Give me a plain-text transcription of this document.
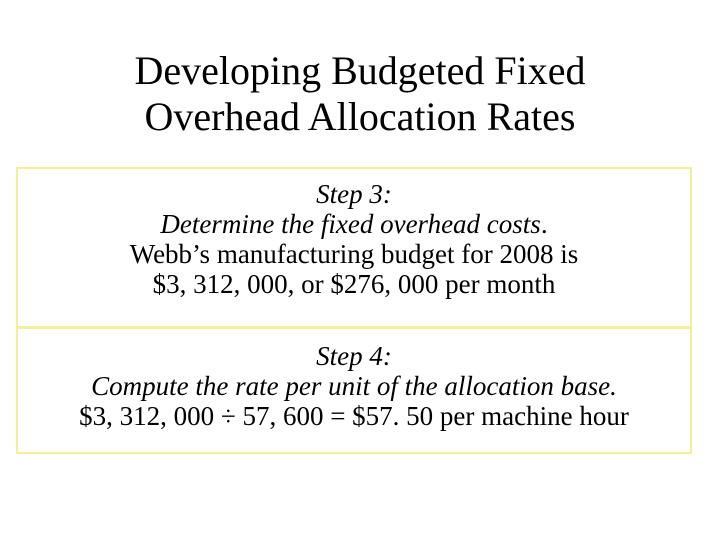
Developing Budgeted Fixed
Overhead Allocation Rates
Step 3:
Determine the fixed overhead costs.
Webb’s manufacturing budget for 2008 is
$3, 312, 000, or $276, 000 per month
Step 4:
Compute the rate per unit of the allocation base.
$3, 312, 000 ÷ 57, 600 = $57. 50 per machine hour
